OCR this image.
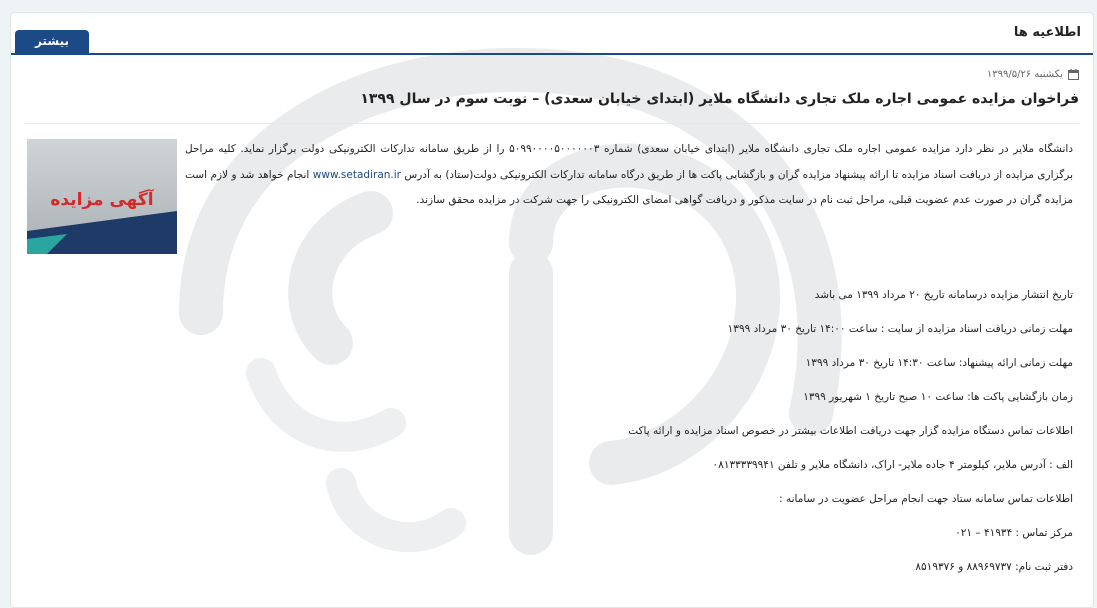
اطلاعیه ها
بیشتر
یکشنبه ۱۳۹۹/۵/۲۶
فراخوان مزایده عمومی اجاره ملک تجاری دانشگاه ملایر (ابتدای خیابان سعدی) – نوبت سوم در سال ۱۳۹۹
آگهی مزایده

دانشگاه ملایر در نظر دارد مزایده عمومی اجاره ملک تجاری دانشگاه ملایر (ابتدای خیابان سعدی) شماره ۵۰۹۹۰۰۰۰۵۰۰۰۰۰۰۳ را از طریق سامانه تدارکات الکترونیکی دولت برگزار نماید. کلیه مراحل برگزاری مزایده از دریافت اسناد مزایده تا ارائه پیشنهاد مزایده گران و بازگشایی پاکت ها از طریق درگاه سامانه تدارکات الکترونیکی دولت(ستاد) به آدرس www.setadiran.ir انجام خواهد شد و لازم است مزایده گران در صورت عدم عضویت قبلی، مراحل ثبت نام در سایت مذکور و دریافت گواهی امضای الکترونیکی را جهت شرکت در مزایده محقق سازند.

تاریخ انتشار مزایده درسامانه تاریخ ۲۰ مرداد ۱۳۹۹ می باشد
مهلت زمانی دریافت اسناد مزایده از سایت : ساعت ۱۴:۰۰ تاریخ ۳۰ مرداد ۱۳۹۹
مهلت زمانی ارائه پیشنهاد: ساعت ۱۴:۳۰ تاریخ ۳۰ مرداد ۱۳۹۹
زمان بازگشایی پاکت ها: ساعت ۱۰ صبح تاریخ ۱ شهریور ۱۳۹۹
اطلاعات تماس دستگاه مزایده گزار جهت دریافت اطلاعات بیشتر در خصوص اسناد مزایده و ارائه پاکت
الف : آدرس ملایر، کیلومتر ۴ جاده ملایر- اراک، دانشگاه ملایر و تلفن ۰۸۱۳۳۳۳۹۹۴۱
اطلاعات تماس سامانه ستاد جهت انجام مراحل عضویت در سامانه :
مرکز تماس : ۴۱۹۳۴ – ۰۲۱
دفتر ثبت نام: ۸۸۹۶۹۷۳۷ و ۸۵۱۹۳۷۶
